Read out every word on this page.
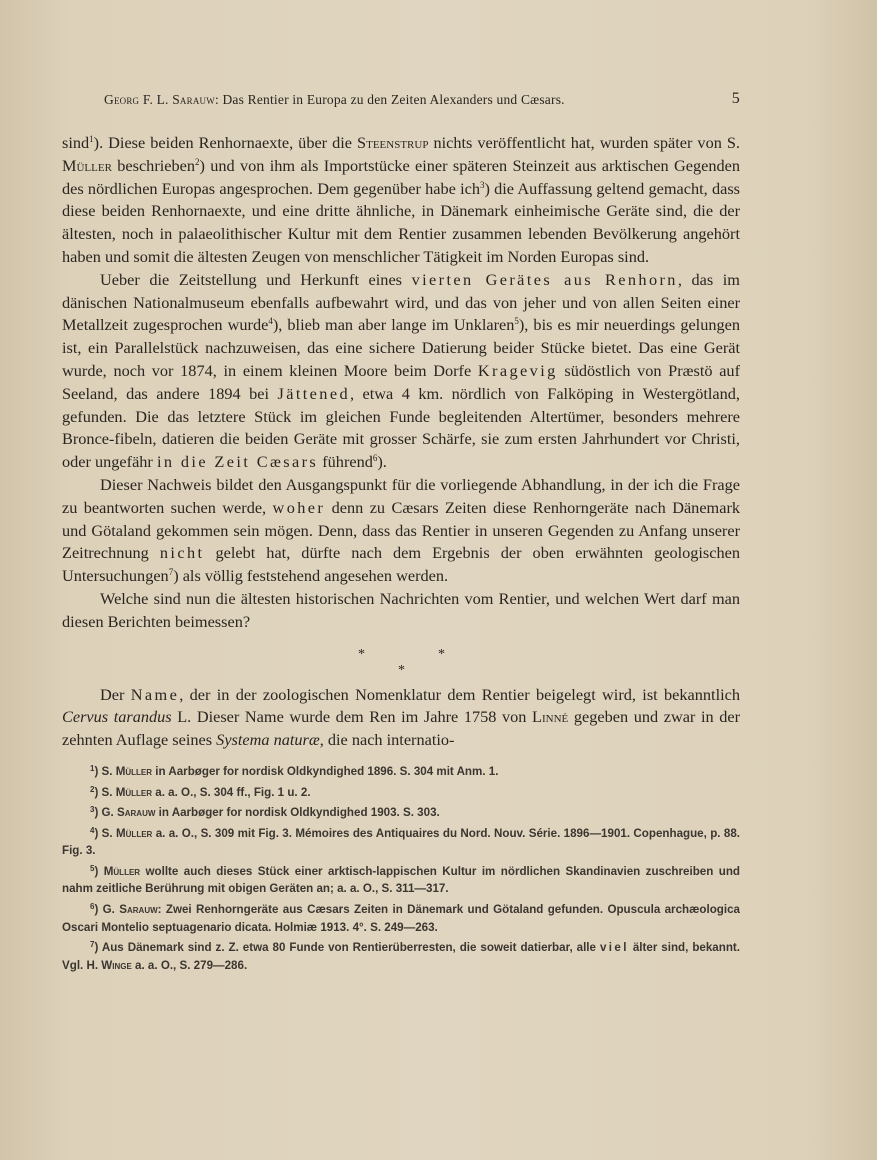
Georg F. L. Sarauw: Das Rentier in Europa zu den Zeiten Alexanders und Cæsars.	5

sind$^1$). Diese beiden Renhornaexte, über die Steenstrup nichts veröffentlicht hat, wurden später von S. Müller beschrieben$^2$) und von ihm als Importstücke einer späteren Steinzeit aus arktischen Gegenden des nördlichen Europas angesprochen. Dem gegenüber habe ich$^3$) die Auffassung geltend gemacht, dass diese beiden Renhornaexte, und eine dritte ähnliche, in Dänemark einheimische Geräte sind, die der ältesten, noch in palaeolithischer Kultur mit dem Rentier zusammen lebenden Bevölkerung angehört haben und somit die ältesten Zeugen von menschlicher Tätigkeit im Norden Europas sind.

Ueber die Zeitstellung und Herkunft eines vierten Gerätes aus Renhorn, das im dänischen Nationalmuseum ebenfalls aufbewahrt wird, und das von jeher und von allen Seiten einer Metallzeit zugesprochen wurde$^4$), blieb man aber lange im Unklaren$^5$), bis es mir neuerdings gelungen ist, ein Parallelstück nachzuweisen, das eine sichere Datierung beider Stücke bietet. Das eine Gerät wurde, noch vor 1874, in einem kleinen Moore beim Dorfe Kragevig südöstlich von Præstö auf Seeland, das andere 1894 bei Jättened, etwa 4 km. nördlich von Falköping in Westergötland, gefunden. Die das letztere Stück im gleichen Funde begleitenden Altertümer, besonders mehrere Bronce-fibeln, datieren die beiden Geräte mit grosser Schärfe, sie zum ersten Jahrhundert vor Christi, oder ungefähr in die Zeit Cæsars führend$^6$).

Dieser Nachweis bildet den Ausgangspunkt für die vorliegende Abhandlung, in der ich die Frage zu beantworten suchen werde, woher denn zu Cæsars Zeiten diese Renhorngeräte nach Dänemark und Götaland gekommen sein mögen. Denn, dass das Rentier in unseren Gegenden zu Anfang unserer Zeitrechnung nicht gelebt hat, dürfte nach dem Ergebnis der oben erwähnten geologischen Untersuchungen$^7$) als völlig feststehend angesehen werden.

Welche sind nun die ältesten historischen Nachrichten vom Rentier, und welchen Wert darf man diesen Berichten beimessen?

*	*
*

Der Name, der in der zoologischen Nomenklatur dem Rentier beigelegt wird, ist bekanntlich Cervus tarandus L. Dieser Name wurde dem Ren im Jahre 1758 von Linné gegeben und zwar in der zehnten Auflage seines Systema naturæ, die nach internatio-

$^1$) S. Müller in Aarbøger for nordisk Oldkyndighed 1896. S. 304 mit Anm. 1.

$^2$) S. Müller a. a. O., S. 304 ff., Fig. 1 u. 2.

$^3$) G. Sarauw in Aarbøger for nordisk Oldkyndighed 1903. S. 303.

$^4$) S. Müller a. a. O., S. 309 mit Fig. 3. Mémoires des Antiquaires du Nord. Nouv. Série. 1896—1901. Copenhague, p. 88. Fig. 3.

$^5$) Müller wollte auch dieses Stück einer arktisch-lappischen Kultur im nördlichen Skandinavien zuschreiben und nahm zeitliche Berührung mit obigen Geräten an; a. a. O., S. 311—317.

$^6$) G. Sarauw: Zwei Renhorngeräte aus Cæsars Zeiten in Dänemark und Götaland gefunden. Opuscula archæologica Oscari Montelio septuagenario dicata. Holmiæ 1913. 4°. S. 249—263.

$^7$) Aus Dänemark sind z. Z. etwa 80 Funde von Rentierüberresten, die soweit datierbar, alle viel älter sind, bekannt. Vgl. H. Winge a. a. O., S. 279—286.
